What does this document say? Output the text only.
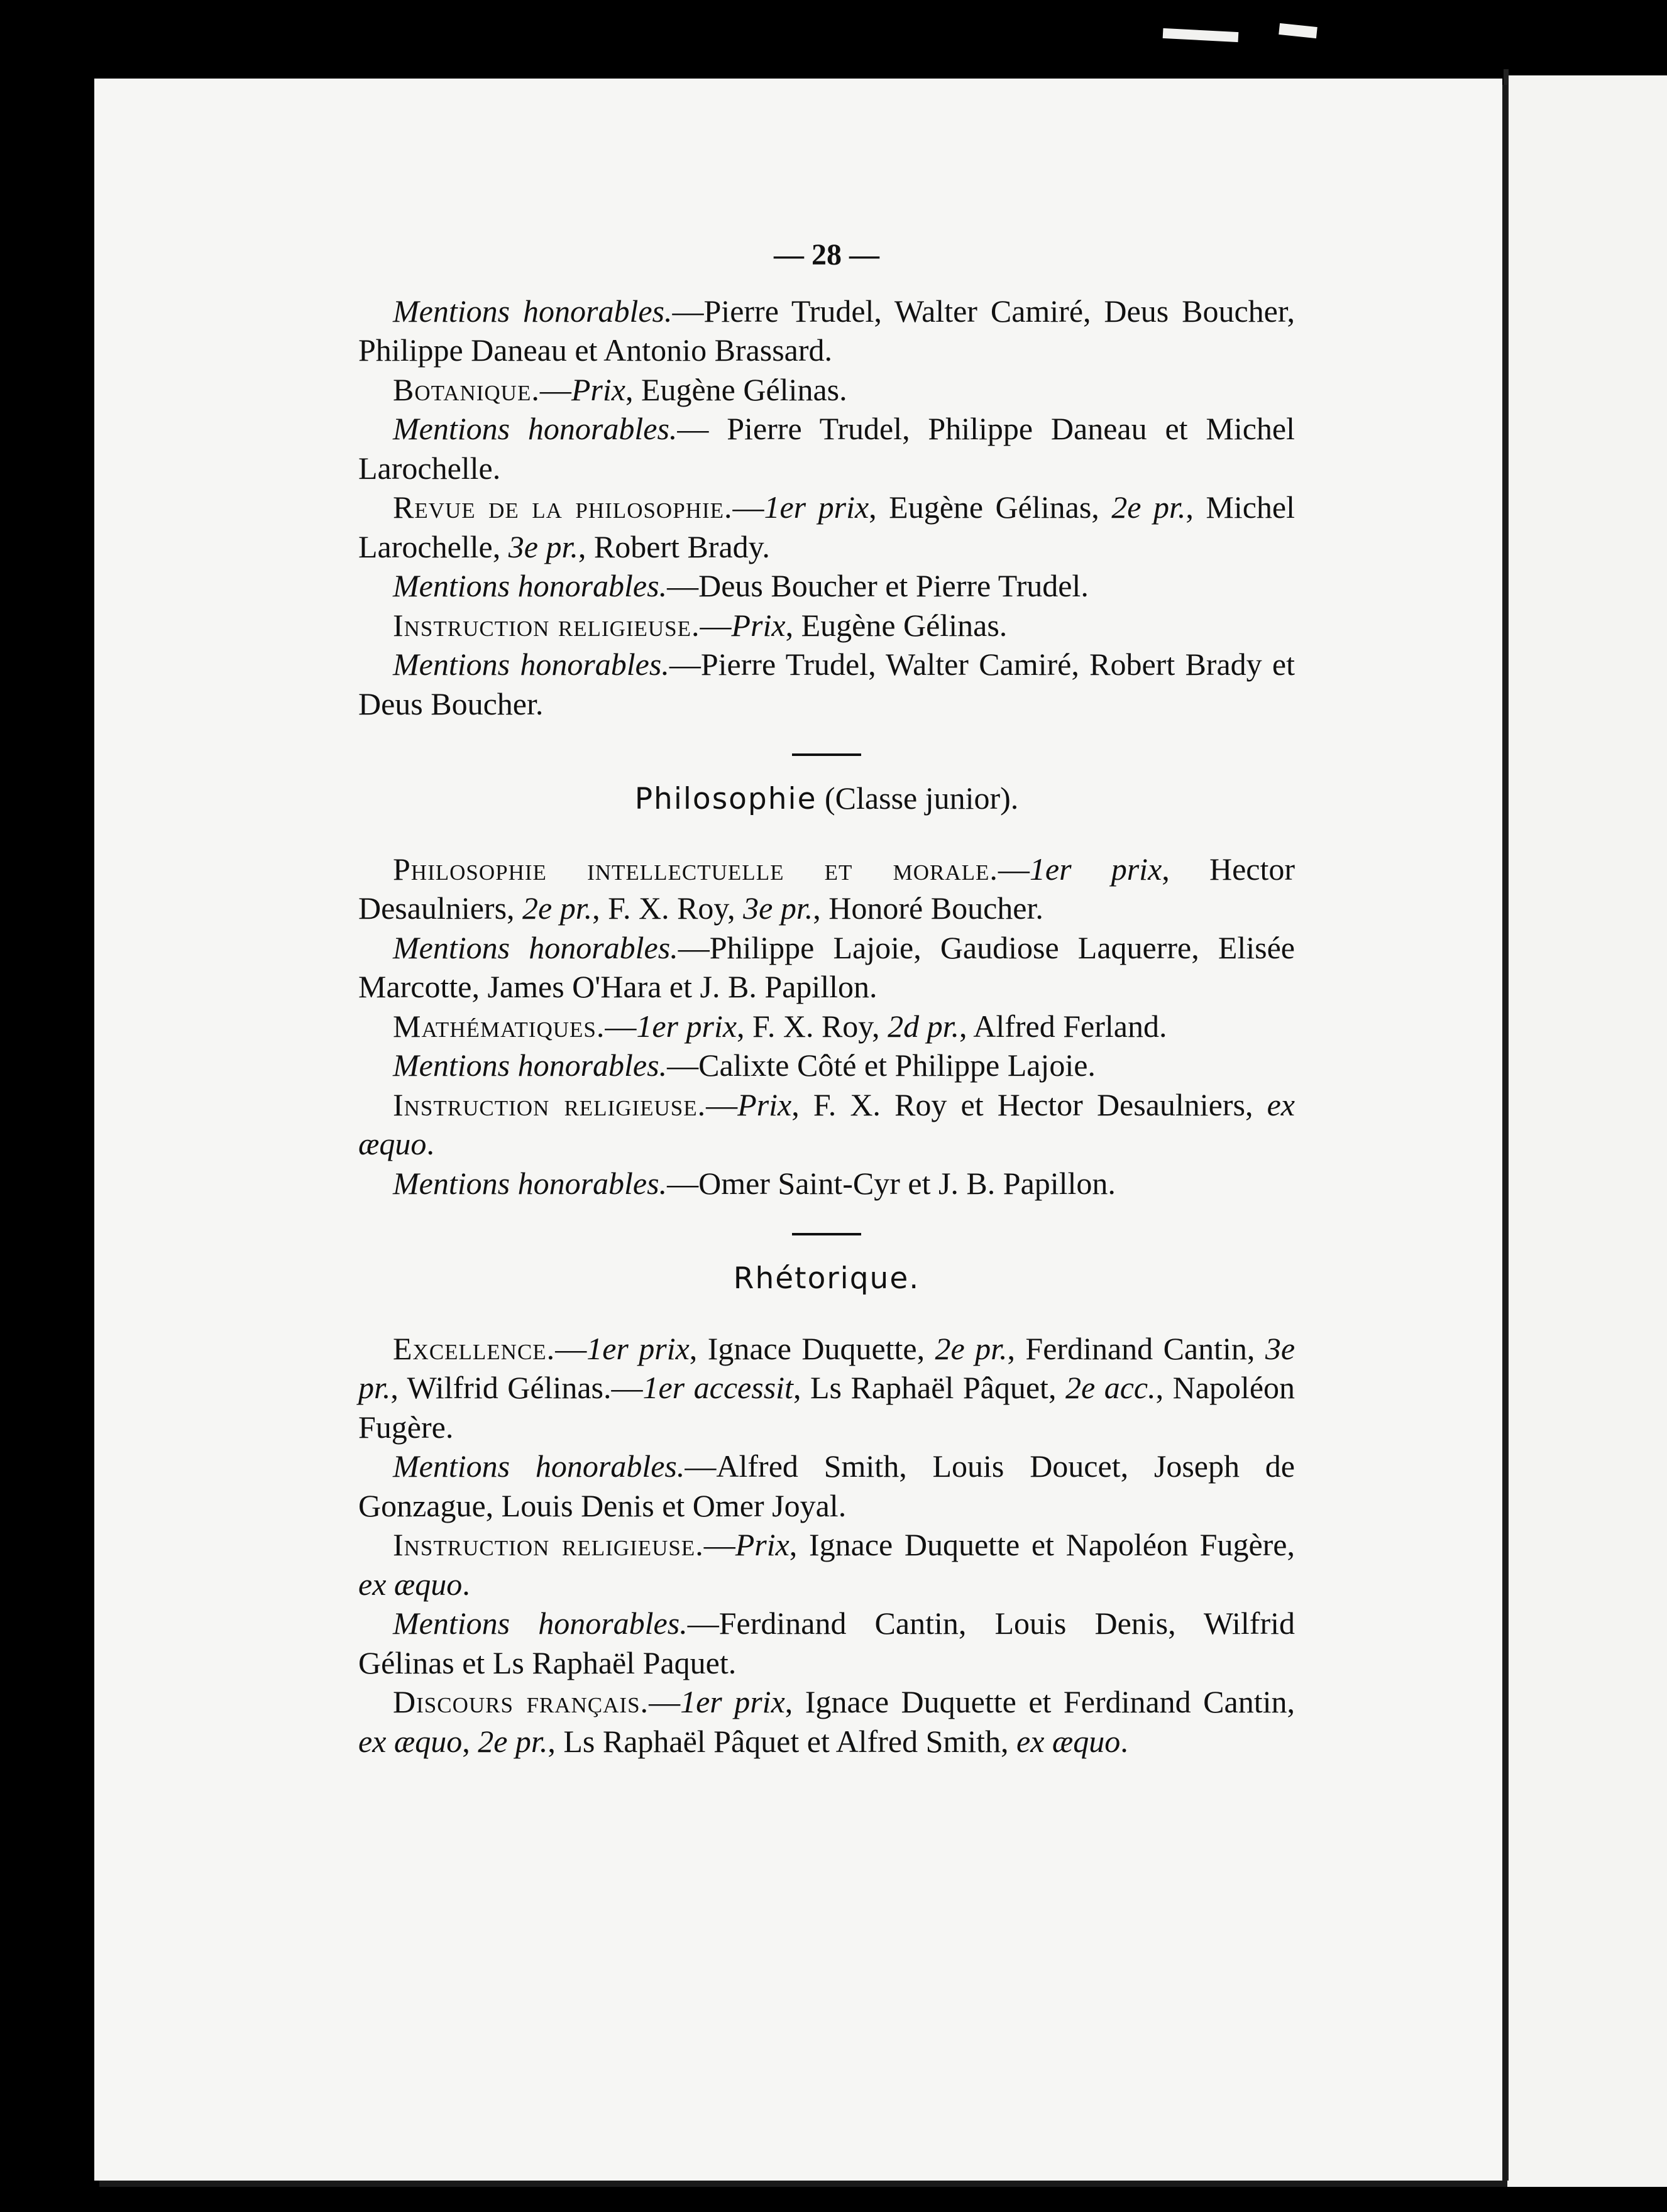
— 28 —

Mentions honorables.—Pierre Trudel, Walter Camiré, Deus Boucher, Philippe Daneau et Antonio Brassard.

Botanique.—Prix, Eugène Gélinas.

Mentions honorables.— Pierre Trudel, Philippe Daneau et Michel Larochelle.

Revue de la philosophie.—1er prix, Eugène Gélinas, 2e pr., Michel Larochelle, 3e pr., Robert Brady.

Mentions honorables.—Deus Boucher et Pierre Trudel.

Instruction religieuse.—Prix, Eugène Gélinas.

Mentions honorables.—Pierre Trudel, Walter Camiré, Robert Brady et Deus Boucher.

Philosophie (Classe junior).

Philosophie intellectuelle et morale.—1er prix, Hector Desaulniers, 2e pr., F. X. Roy, 3e pr., Honoré Boucher.

Mentions honorables.—Philippe Lajoie, Gaudiose Laquerre, Elisée Marcotte, James O'Hara et J. B. Papillon.

Mathématiques.—1er prix, F. X. Roy, 2d pr., Alfred Ferland.

Mentions honorables.—Calixte Côté et Philippe Lajoie.

Instruction religieuse.—Prix, F. X. Roy et Hector Desaulniers, ex æquo.

Mentions honorables.—Omer Saint-Cyr et J. B. Papillon.

Rhétorique.

Excellence.—1er prix, Ignace Duquette, 2e pr., Ferdinand Cantin, 3e pr., Wilfrid Gélinas.—1er accessit, Ls Raphaël Pâquet, 2e acc., Napoléon Fugère.

Mentions honorables.—Alfred Smith, Louis Doucet, Joseph de Gonzague, Louis Denis et Omer Joyal.

Instruction religieuse.—Prix, Ignace Duquette et Napoléon Fugère, ex æquo.

Mentions honorables.—Ferdinand Cantin, Louis Denis, Wilfrid Gélinas et Ls Raphaël Paquet.

Discours français.—1er prix, Ignace Duquette et Ferdinand Cantin, ex æquo, 2e pr., Ls Raphaël Pâquet et Alfred Smith, ex æquo.
